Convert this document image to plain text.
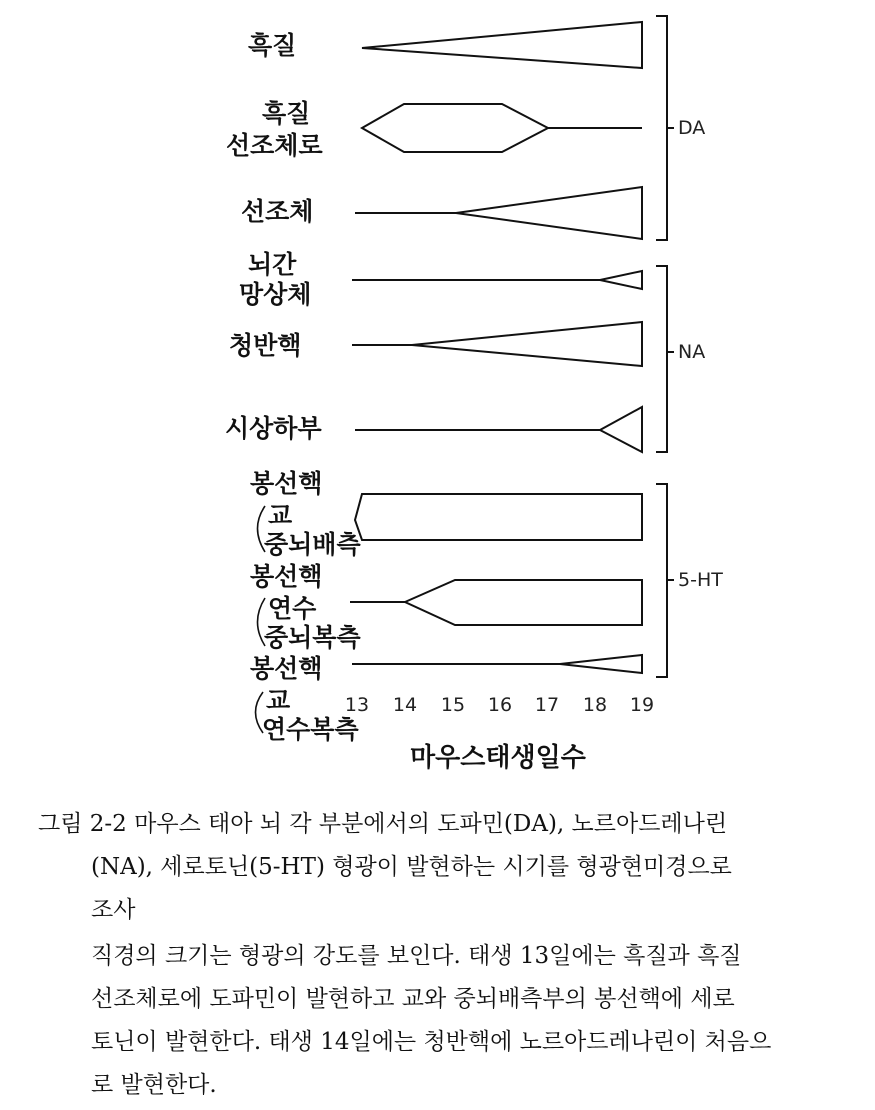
흑질
흑질
선조체로
선조체
뇌간
망상체
청반핵
시상하부
봉선핵
교
중뇌배측
봉선핵
연수
중뇌복측
봉선핵
교
연수복측
DA
NA
5-HT
13	14	15	16	17	18	19
마우스태생일수
그림 2-2 마우스 태아 뇌 각 부분에서의 도파민(DA), 노르아드레나린
(NA), 세로토닌(5-HT) 형광이 발현하는 시기를 형광현미경으로
조사
직경의 크기는 형광의 강도를 보인다. 태생 13일에는 흑질과 흑질
선조체로에 도파민이 발현하고 교와 중뇌배측부의 봉선핵에 세로
토닌이 발현한다. 태생 14일에는 청반핵에 노르아드레나린이 처음으
로 발현한다.
